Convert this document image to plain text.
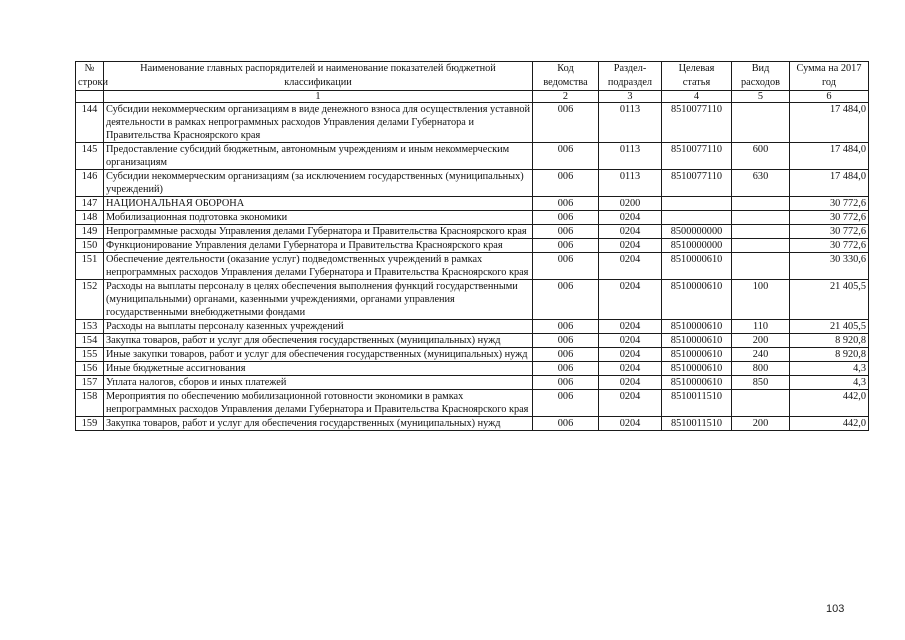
№ строки	Наименование главных распорядителей и наименование показателей бюджетной классификации	Код ведомства	Раздел-подраздел	Целевая статья	Вид расходов	Сумма на 2017 год
	1	2	3	4	5	6
144	Субсидии некоммерческим организациям в виде денежного взноса для осуществления уставной деятельности в рамках непрограммных расходов Управления делами Губернатора и Правительства Красноярского края	006	0113	8510077110		17 484,0
145	Предоставление субсидий бюджетным, автономным учреждениям и иным некоммерческим организациям	006	0113	8510077110	600	17 484,0
146	Субсидии некоммерческим организациям (за исключением государственных (муниципальных) учреждений)	006	0113	8510077110	630	17 484,0
147	НАЦИОНАЛЬНАЯ ОБОРОНА	006	0200			30 772,6
148	Мобилизационная подготовка экономики	006	0204			30 772,6
149	Непрограммные расходы Управления делами Губернатора и Правительства Красноярского края	006	0204	8500000000		30 772,6
150	Функционирование Управления делами Губернатора и Правительства Красноярского края	006	0204	8510000000		30 772,6
151	Обеспечение деятельности (оказание услуг) подведомственных учреждений в рамках непрограммных расходов Управления делами Губернатора и Правительства Красноярского края	006	0204	8510000610		30 330,6
152	Расходы на выплаты персоналу в целях обеспечения выполнения функций государственными (муниципальными) органами, казенными учреждениями, органами управления государственными внебюджетными фондами	006	0204	8510000610	100	21 405,5
153	Расходы на выплаты персоналу казенных учреждений	006	0204	8510000610	110	21 405,5
154	Закупка товаров, работ и услуг для обеспечения государственных (муниципальных) нужд	006	0204	8510000610	200	8 920,8
155	Иные закупки товаров, работ и услуг для обеспечения государственных (муниципальных) нужд	006	0204	8510000610	240	8 920,8
156	Иные бюджетные ассигнования	006	0204	8510000610	800	4,3
157	Уплата налогов, сборов и иных платежей	006	0204	8510000610	850	4,3
158	Мероприятия по обеспечению мобилизационной готовности экономики в рамках непрограммных расходов Управления делами Губернатора и Правительства Красноярского края	006	0204	8510011510		442,0
159	Закупка товаров, работ и услуг для обеспечения государственных (муниципальных) нужд	006	0204	8510011510	200	442,0
103
